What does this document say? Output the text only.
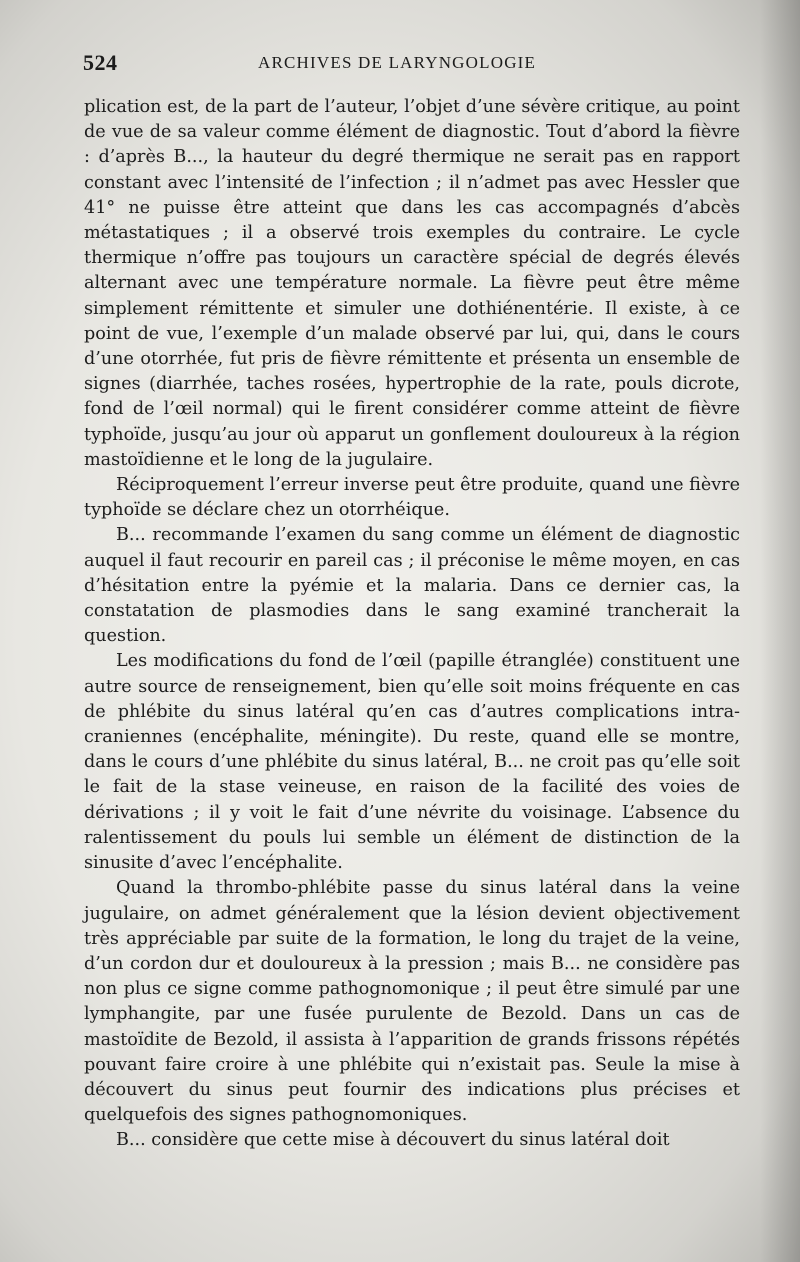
524	ARCHIVES DE LARYNGOLOGIE

plication est, de la part de l’auteur, l’objet d’une sévère critique, au point de vue de sa valeur comme élément de diagnostic. Tout d’abord la fièvre : d’après B..., la hauteur du degré thermique ne serait pas en rapport constant avec l’intensité de l’infection ; il n’admet pas avec Hessler que 41° ne puisse être atteint que dans les cas accompagnés d’abcès métastatiques ; il a observé trois exemples du contraire. Le cycle thermique n’offre pas toujours un caractère spécial de degrés élevés alternant avec une température normale. La fièvre peut être même simplement rémittente et simuler une dothiénentérie. Il existe, à ce point de vue, l’exemple d’un malade observé par lui, qui, dans le cours d’une otorrhée, fut pris de fièvre rémittente et présenta un ensemble de signes (diarrhée, taches rosées, hypertrophie de la rate, pouls dicrote, fond de l’œil normal) qui le firent considérer comme atteint de fièvre typhoïde, jusqu’au jour où apparut un gonflement douloureux à la région mastoïdienne et le long de la jugulaire.

Réciproquement l’erreur inverse peut être produite, quand une fièvre typhoïde se déclare chez un otorrhéique.

B... recommande l’examen du sang comme un élément de diagnostic auquel il faut recourir en pareil cas ; il préconise le même moyen, en cas d’hésitation entre la pyémie et la malaria. Dans ce dernier cas, la constatation de plasmodies dans le sang examiné trancherait la question.

Les modifications du fond de l’œil (papille étranglée) constituent une autre source de renseignement, bien qu’elle soit moins fréquente en cas de phlébite du sinus latéral qu’en cas d’autres complications intra-craniennes (encéphalite, méningite). Du reste, quand elle se montre, dans le cours d’une phlébite du sinus latéral, B... ne croit pas qu’elle soit le fait de la stase veineuse, en raison de la facilité des voies de dérivations ; il y voit le fait d’une névrite du voisinage. L’absence du ralentissement du pouls lui semble un élément de distinction de la sinusite d’avec l’encéphalite.

Quand la thrombo-phlébite passe du sinus latéral dans la veine jugulaire, on admet généralement que la lésion devient objectivement très appréciable par suite de la formation, le long du trajet de la veine, d’un cordon dur et douloureux à la pression ; mais B... ne considère pas non plus ce signe comme pathognomonique ; il peut être simulé par une lymphangite, par une fusée purulente de Bezold. Dans un cas de mastoïdite de Bezold, il assista à l’apparition de grands frissons répétés pouvant faire croire à une phlébite qui n’existait pas. Seule la mise à découvert du sinus peut fournir des indications plus précises et quelquefois des signes pathognomoniques.

B... considère que cette mise à découvert du sinus latéral doit
